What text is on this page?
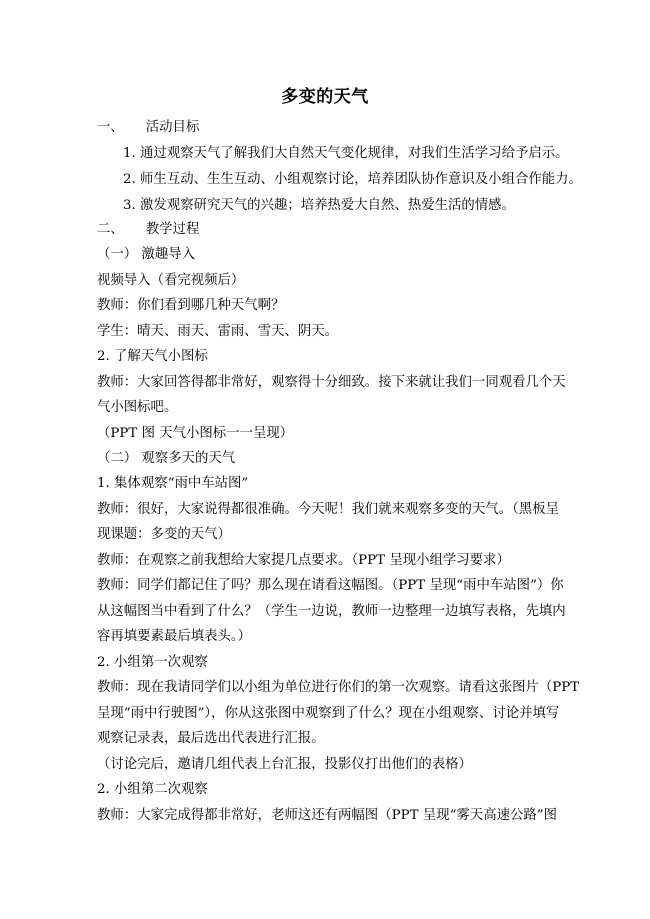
多变的天气
一、 活动目标
1. 通过观察天气了解我们大自然天气变化规律，对我们生活学习给予启示。
2. 师生互动、生生互动、小组观察讨论，培养团队协作意识及小组合作能力。
3. 激发观察研究天气的兴趣；培养热爱大自然、热爱生活的情感。
二、 教学过程
（一） 激趣导入
视频导入（看完视频后）
教师：你们看到哪几种天气啊？
学生：晴天、雨天、雷雨、雪天、阴天。
2. 了解天气小图标
教师：大家回答得都非常好，观察得十分细致。接下来就让我们一同观看几个天
气小图标吧。
（PPT 图 天气小图标一一呈现）
（二） 观察多天的天气
1. 集体观察“雨中车站图”
教师：很好，大家说得都很准确。今天呢！我们就来观察多变的天气。（黑板呈
现课题：多变的天气）
教师：在观察之前我想给大家提几点要求。（PPT 呈现小组学习要求）
教师：同学们都记住了吗？那么现在请看这幅图。（PPT 呈现“雨中车站图”）你
从这幅图当中看到了什么？（学生一边说，教师一边整理一边填写表格，先填内
容再填要素最后填表头。）
2. 小组第一次观察
教师：现在我请同学们以小组为单位进行你们的第一次观察。请看这张图片（PPT
呈现“雨中行驶图”），你从这张图中观察到了什么？现在小组观察、讨论并填写
观察记录表，最后选出代表进行汇报。
（讨论完后，邀请几组代表上台汇报，投影仪打出他们的表格）
2. 小组第二次观察
教师：大家完成得都非常好，老师这还有两幅图（PPT 呈现“雾天高速公路”图
